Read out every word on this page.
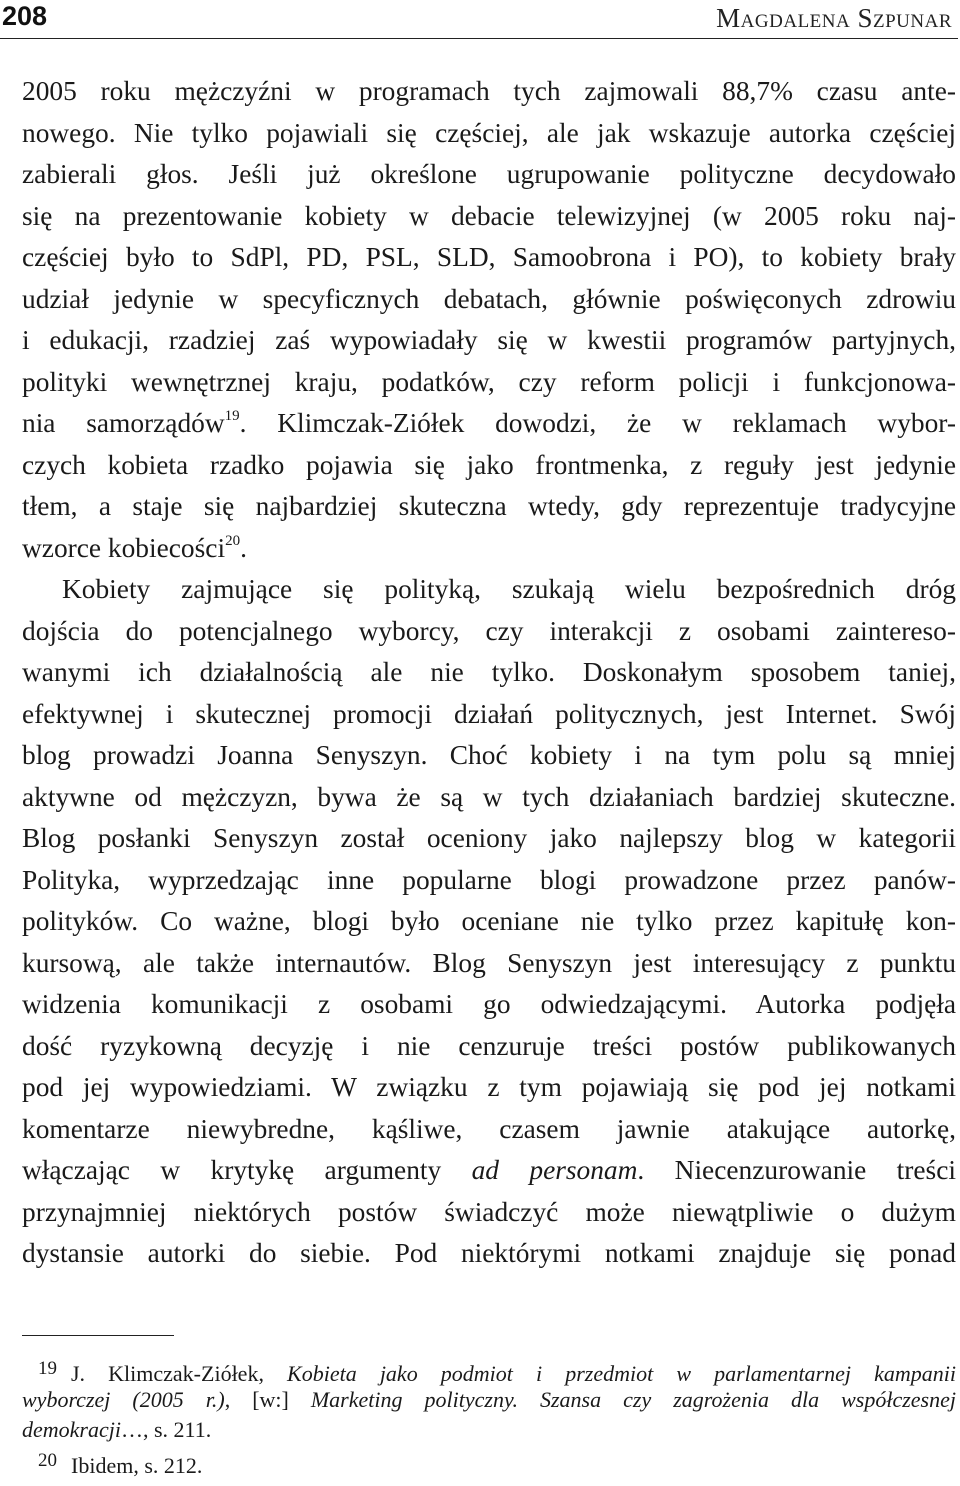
208	Magdalena Szpunar
2005 roku mężczyźni w programach tych zajmowali 88,7% czasu ante-
nowego. Nie tylko pojawiali się częściej, ale jak wskazuje autorka częściej
zabierali głos. Jeśli już określone ugrupowanie polityczne decydowało
się na prezentowanie kobiety w debacie telewizyjnej (w 2005 roku naj-
częściej było to SdPl, PD, PSL, SLD, Samoobrona i PO), to kobiety brały
udział jedynie w specyficznych debatach, głównie poświęconych zdrowiu
i edukacji, rzadziej zaś wypowiadały się w kwestii programów partyjnych,
polityki wewnętrznej kraju, podatków, czy reform policji i funkcjonowa-
nia samorządów$^{19}$. Klimczak-Ziółek dowodzi, że w reklamach wybor-
czych kobieta rzadko pojawia się jako frontmenka, z reguły jest jedynie
tłem, a staje się najbardziej skuteczna wtedy, gdy reprezentuje tradycyjne
wzorce kobiecości$^{20}$.
Kobiety zajmujące się polityką, szukają wielu bezpośrednich dróg
dojścia do potencjalnego wyborcy, czy interakcji z osobami zaintereso-
wanymi ich działalnością ale nie tylko. Doskonałym sposobem taniej,
efektywnej i skutecznej promocji działań politycznych, jest Internet. Swój
blog prowadzi Joanna Senyszyn. Choć kobiety i na tym polu są mniej
aktywne od mężczyzn, bywa że są w tych działaniach bardziej skuteczne.
Blog posłanki Senyszyn został oceniony jako najlepszy blog w kategorii
Polityka, wyprzedzając inne popularne blogi prowadzone przez panów-
polityków. Co ważne, blogi było oceniane nie tylko przez kapitułę kon-
kursową, ale także internautów. Blog Senyszyn jest interesujący z punktu
widzenia komunikacji z osobami go odwiedzającymi. Autorka podjęła
dość ryzykowną decyzję i nie cenzuruje treści postów publikowanych
pod jej wypowiedziami. W związku z tym pojawiają się pod jej notkami
komentarze niewybredne, kąśliwe, czasem jawnie atakujące autorkę,
włączając w krytykę argumenty ad personam. Niecenzurowanie treści
przynajmniej niektórych postów świadczyć może niewątpliwie o dużym
dystansie autorki do siebie. Pod niektórymi notkami znajduje się ponad
19 J. Klimczak-Ziółek, Kobieta jako podmiot i przedmiot w parlamentarnej kampanii
wyborczej (2005 r.), [w:] Marketing polityczny. Szansa czy zagrożenia dla współczesnej
demokracji…, s. 211.
20 Ibidem, s. 212.
